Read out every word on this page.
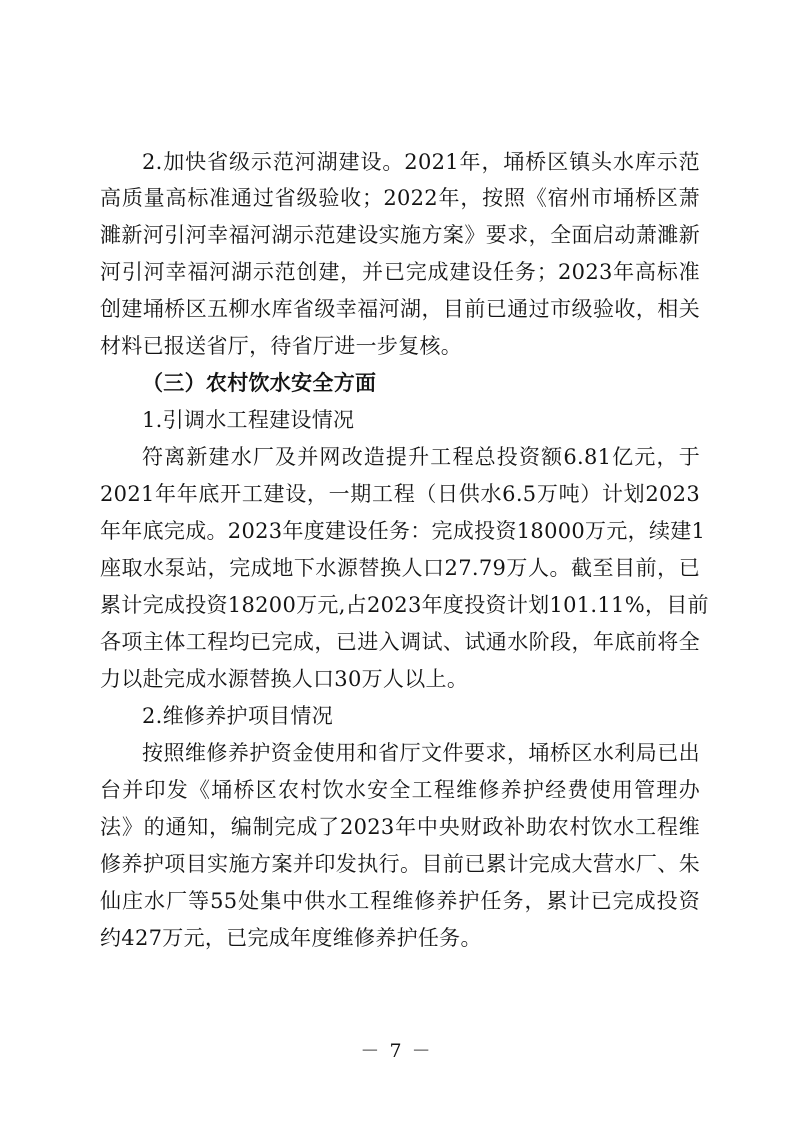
2.加快省级示范河湖建设。2021年，埇桥区镇头水库示范
高质量高标准通过省级验收；2022年，按照《宿州市埇桥区萧
濉新河引河幸福河湖示范建设实施方案》要求，全面启动萧濉新
河引河幸福河湖示范创建，并已完成建设任务；2023年高标准
创建埇桥区五柳水库省级幸福河湖，目前已通过市级验收，相关
材料已报送省厅，待省厅进一步复核。
（三）农村饮水安全方面
1.引调水工程建设情况
符离新建水厂及并网改造提升工程总投资额6.81亿元，于
2021年年底开工建设，一期工程（日供水6.5万吨）计划2023
年年底完成。2023年度建设任务：完成投资18000万元，续建1
座取水泵站，完成地下水源替换人口27.79万人。截至目前，已
累计完成投资18200万元,占2023年度投资计划101.11%，目前
各项主体工程均已完成，已进入调试、试通水阶段，年底前将全
力以赴完成水源替换人口30万人以上。
2.维修养护项目情况
按照维修养护资金使用和省厅文件要求，埇桥区水利局已出
台并印发《埇桥区农村饮水安全工程维修养护经费使用管理办
法》的通知，编制完成了2023年中央财政补助农村饮水工程维
修养护项目实施方案并印发执行。目前已累计完成大营水厂、朱
仙庄水厂等55处集中供水工程维修养护任务，累计已完成投资
约427万元，已完成年度维修养护任务。
－ 7 －
